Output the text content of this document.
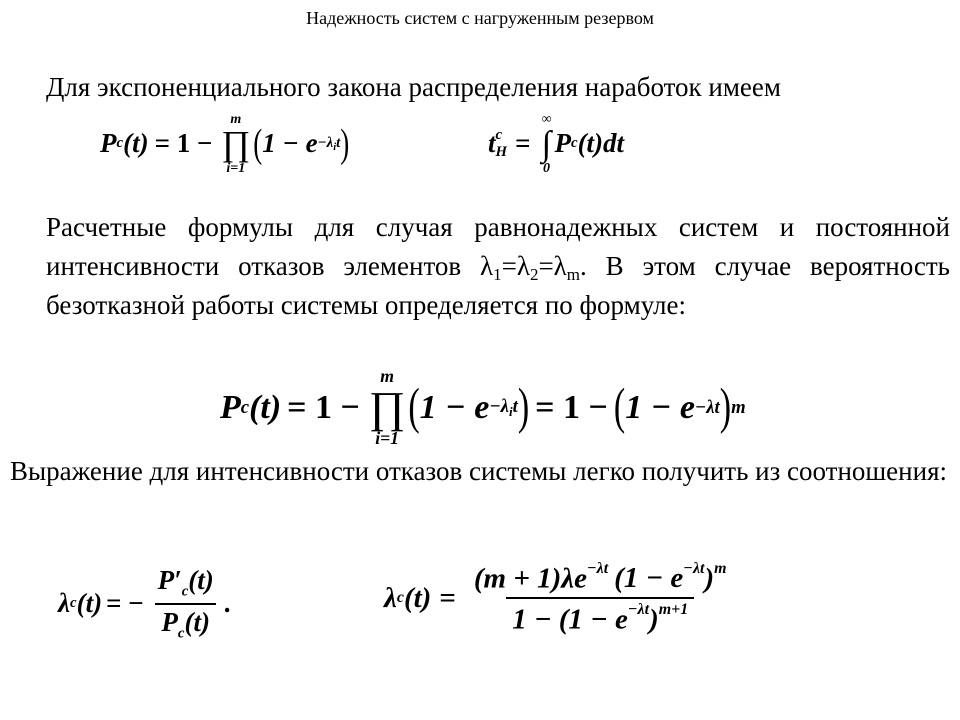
Надежность систем с нагруженным резервом
Для экспоненциального закона распределения наработок имеем
P c (t) = 1 −
m
∏
i=1
( $1 - e -\lambda_it$ )	t c
H =
∞
∫
0
P c (t)dt
Расчетные формулы для случая равнонадежных систем и постоянной интенсивности отказов элементов $\lambda_1=\lambda_2=\lambda_m$. В этом случае вероятность безотказной работы системы определяется по формуле:
P c (t) = 1 −
m
∏
i=1
( $1 - e -\lambda_it$ ) = 1 − ( 1 − e −λt ) m
Выражение для интенсивности отказов системы легко получить из соотношения:
λ c (t) = − $\frac{P'_c(t)}{P_c(t)}$ .	λ c $(t) = \frac{(m + 1)\lambda e^{-\lambda t} (1 - e^{-\lambda t})^m}{1 - (1 - e^{-\lambda t})^{m+1}}$
